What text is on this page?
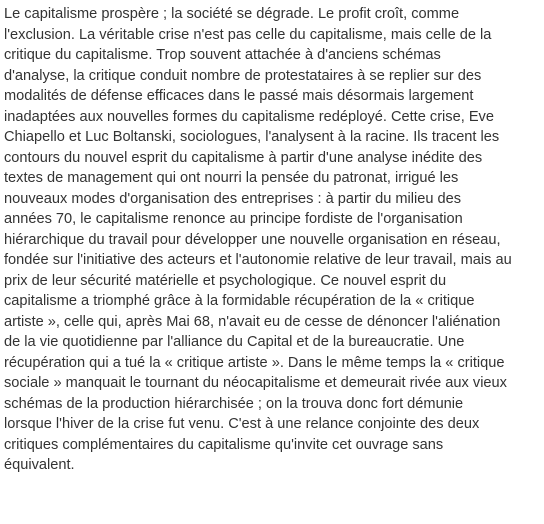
Le capitalisme prospère ; la société se dégrade. Le profit croît, comme
l'exclusion. La véritable crise n'est pas celle du capitalisme, mais celle de la
critique du capitalisme. Trop souvent attachée à d'anciens schémas
d'analyse, la critique conduit nombre de protestataires à se replier sur des
modalités de défense efficaces dans le passé mais désormais largement
inadaptées aux nouvelles formes du capitalisme redéployé. Cette crise, Eve
Chiapello et Luc Boltanski, sociologues, l'analysent à la racine. Ils tracent les
contours du nouvel esprit du capitalisme à partir d'une analyse inédite des
textes de management qui ont nourri la pensée du patronat, irrigué les
nouveaux modes d'organisation des entreprises : à partir du milieu des
années 70, le capitalisme renonce au principe fordiste de l'organisation
hiérarchique du travail pour développer une nouvelle organisation en réseau,
fondée sur l'initiative des acteurs et l'autonomie relative de leur travail, mais au
prix de leur sécurité matérielle et psychologique. Ce nouvel esprit du
capitalisme a triomphé grâce à la formidable récupération de la « critique
artiste », celle qui, après Mai 68, n'avait eu de cesse de dénoncer l'aliénation
de la vie quotidienne par l'alliance du Capital et de la bureaucratie. Une
récupération qui a tué la « critique artiste ». Dans le même temps la « critique
sociale » manquait le tournant du néocapitalisme et demeurait rivée aux vieux
schémas de la production hiérarchisée ; on la trouva donc fort démunie
lorsque l'hiver de la crise fut venu. C'est à une relance conjointe des deux
critiques complémentaires du capitalisme qu'invite cet ouvrage sans
équivalent.
